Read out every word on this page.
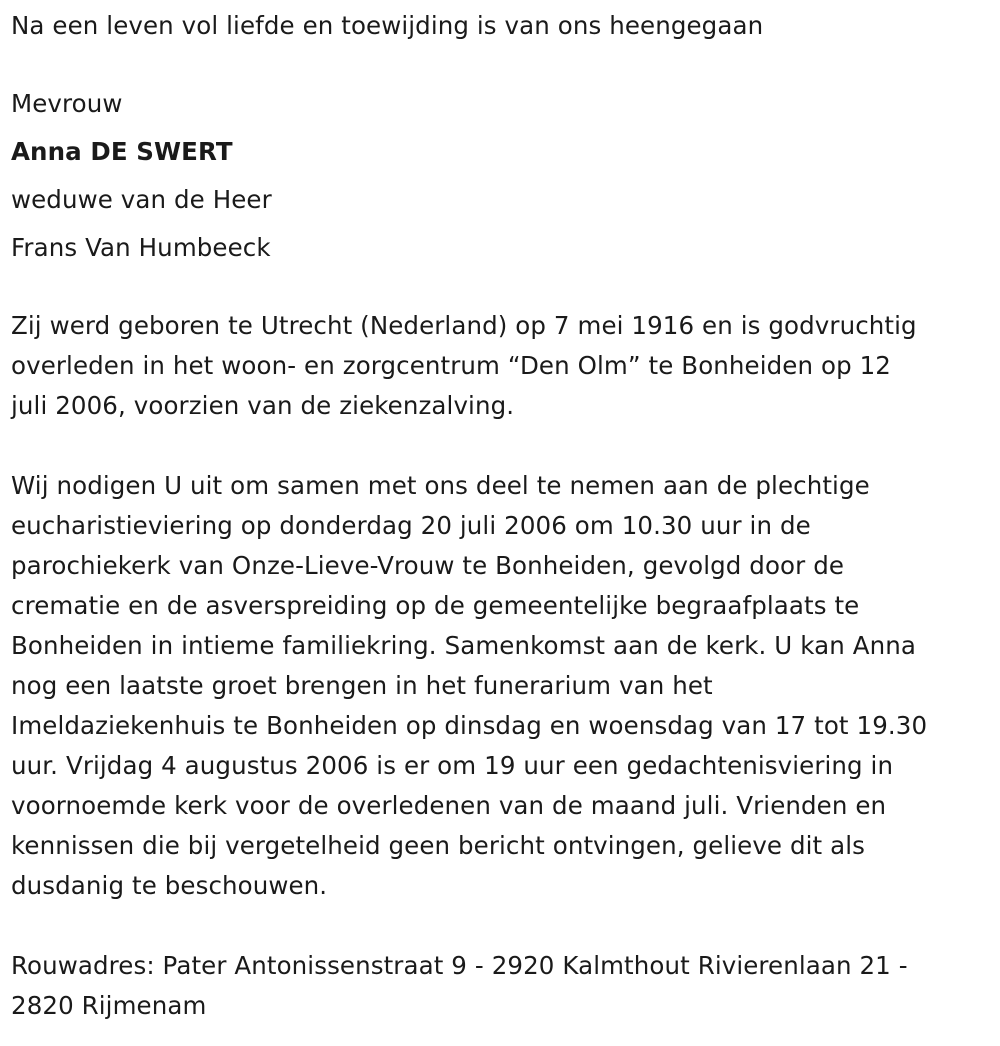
Na een leven vol liefde en toewijding is van ons heengegaan
Mevrouw
Anna DE SWERT
weduwe van de Heer
Frans Van Humbeeck
Zij werd geboren te Utrecht (Nederland) op 7 mei 1916 en is godvruchtig
overleden in het woon- en zorgcentrum “Den Olm” te Bonheiden op 12
juli 2006, voorzien van de ziekenzalving.
Wij nodigen U uit om samen met ons deel te nemen aan de plechtige
eucharistieviering op donderdag 20 juli 2006 om 10.30 uur in de
parochiekerk van Onze-Lieve-Vrouw te Bonheiden, gevolgd door de
crematie en de asverspreiding op de gemeentelijke begraafplaats te
Bonheiden in intieme familiekring. Samenkomst aan de kerk. U kan Anna
nog een laatste groet brengen in het funerarium van het
Imeldaziekenhuis te Bonheiden op dinsdag en woensdag van 17 tot 19.30
uur. Vrijdag 4 augustus 2006 is er om 19 uur een gedachtenisviering in
voornoemde kerk voor de overledenen van de maand juli. Vrienden en
kennissen die bij vergetelheid geen bericht ontvingen, gelieve dit als
dusdanig te beschouwen.
Rouwadres: Pater Antonissenstraat 9 - 2920 Kalmthout Rivierenlaan 21 -
2820 Rijmenam
